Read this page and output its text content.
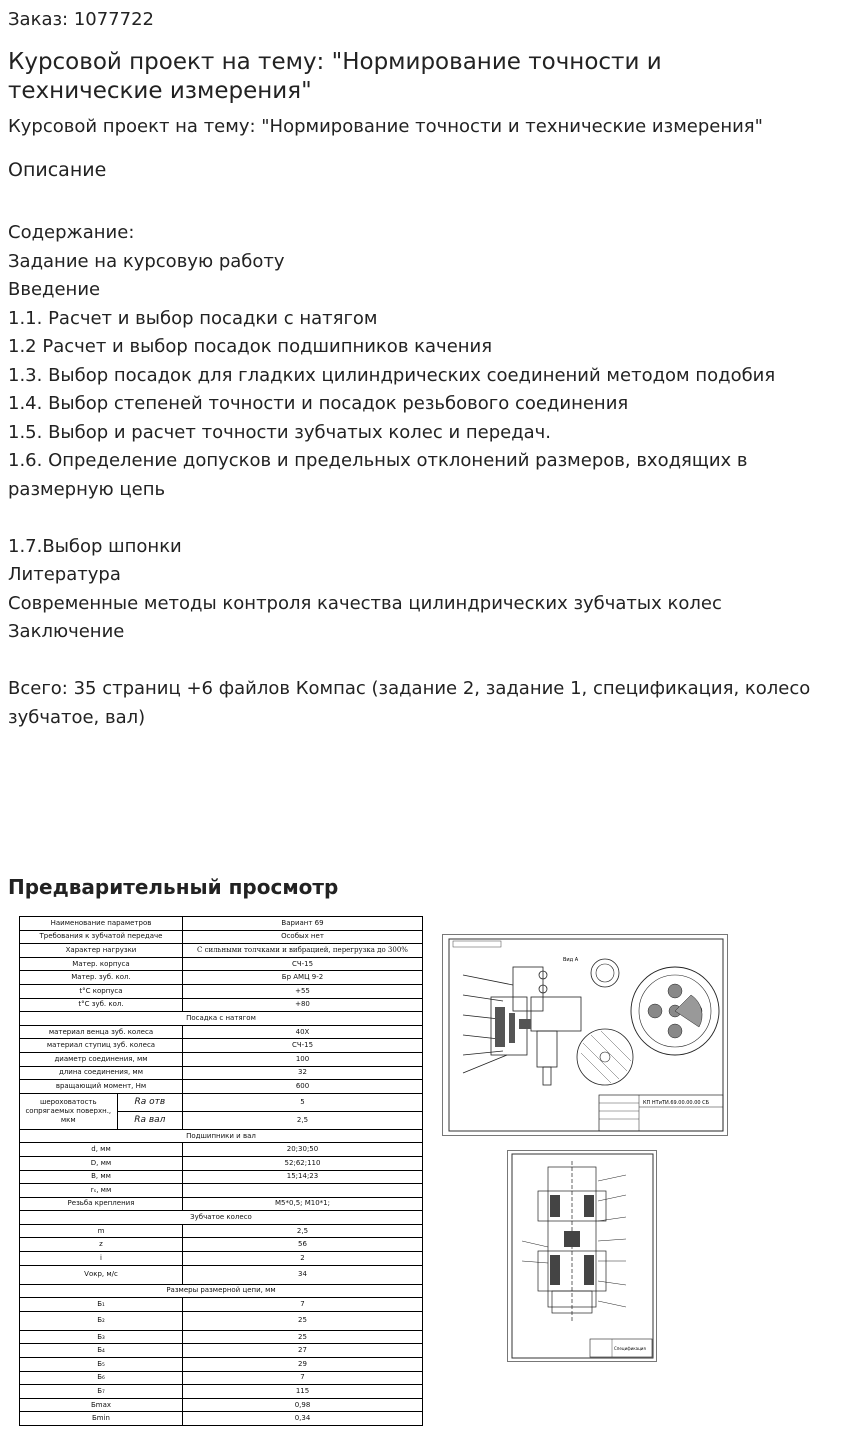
Заказ: 1077722
Курсовой проект на тему: "Нормирование точности и технические измерения"
Курсовой проект на тему: "Нормирование точности и технические измерения"
Описание
Содержание:
Задание на курсовую работу
Введение
1.1. Расчет и выбор посадки с натягом
1.2 Расчет и выбор посадок подшипников качения
1.3. Выбор посадок для гладких цилиндрических соединений методом подобия
1.4. Выбор степеней точности и посадок резьбового соединения
1.5. Выбор и расчет точности зубчатых колес и передач.
1.6. Определение допусков и предельных отклонений размеров, входящих в размерную цепь
1.7.Выбор шпонки
Литература
Современные методы контроля качества цилиндрических зубчатых колес
Заключение
Всего: 35 страниц +6 файлов Компас (задание 2, задание 1, спецификация, колесо зубчатое, вал)
Предварительный просмотр
Наименование параметров		Вариант 69
Требования к зубчатой передаче		Особых нет
Характер нагрузки		С сильными толчками и вибрацией, перегрузка до 300%
Матер. корпуса		СЧ-15
Матер. зуб. кол.		Бр АМЦ 9-2
t°C корпуса		+55
t°C зуб. кол.		+80
Посадка с натягом		
материал венца зуб. колеса		40Х
материал ступиц зуб. колеса		СЧ-15
диаметр соединения, мм		100
длина соединения, мм		32
вращающий момент, Нм		600
шероховатость сопрягаемых поверхн., мкм	Ra отв	5
	Ra вал	2,5
Подшипники и вал		
d, мм		20;30;50
D, мм		52;62;110
B, мм		15;14;23
rₛ, мм		
Резьба крепления		M5*0,5; M10*1;
Зубчатое колесо		
m		2,5
z		56
i		2
Vокр, м/с		34
Размеры размерной цепи, мм		
Б₁		7
Б₂		25
Б₃		25
Б₄		27
Б₅		29
Б₆		7
Б₇		115
Бmax		0,98
Бmin		0,34
КП НТиТИ.69.00.00.00 СБ
Вид А
Спецификация
